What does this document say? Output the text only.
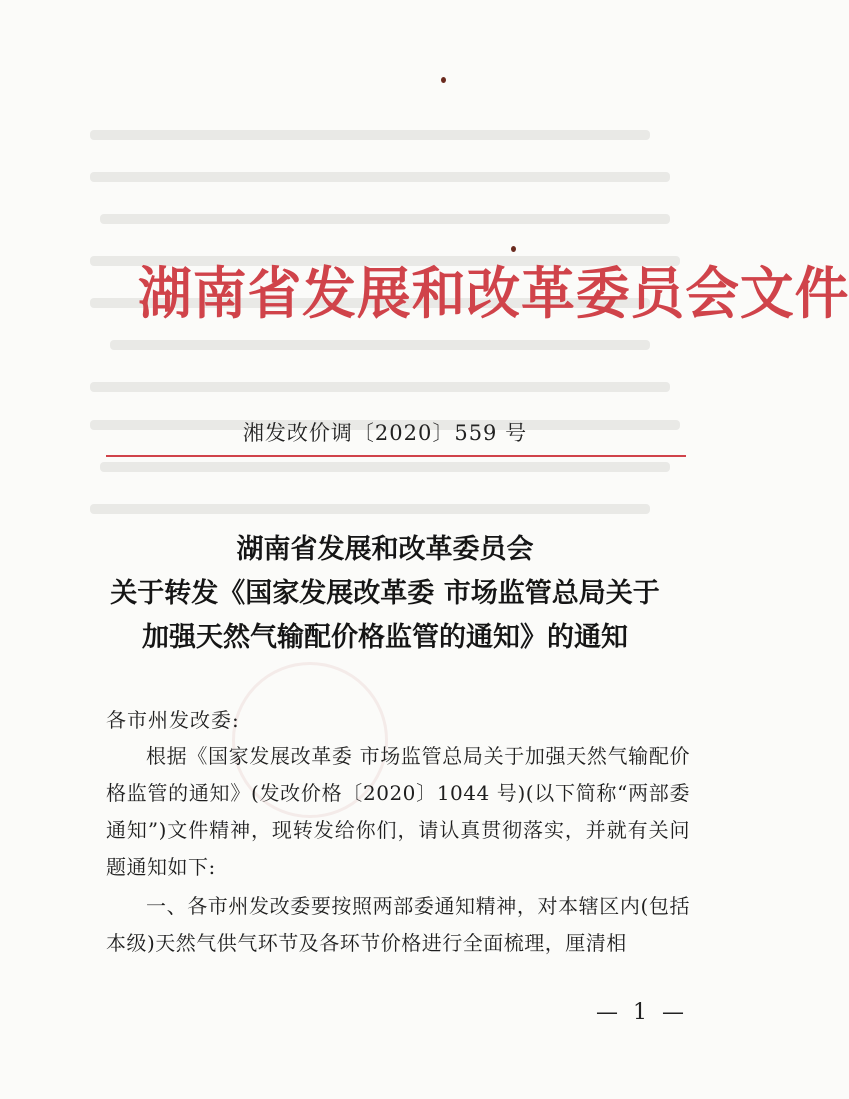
湖南省发展和改革委员会文件
湘发改价调〔2020〕559 号
湖南省发展和改革委员会
关于转发《国家发展改革委 市场监管总局关于
加强天然气输配价格监管的通知》的通知
各市州发改委:

根据《国家发展改革委 市场监管总局关于加强天然气输配价格监管的通知》(发改价格〔2020〕1044 号)(以下简称“两部委通知”)文件精神，现转发给你们，请认真贯彻落实，并就有关问题通知如下:

一、各市州发改委要按照两部委通知精神，对本辖区内(包括本级)天然气供气环节及各环节价格进行全面梳理，厘清相

— 1 —
